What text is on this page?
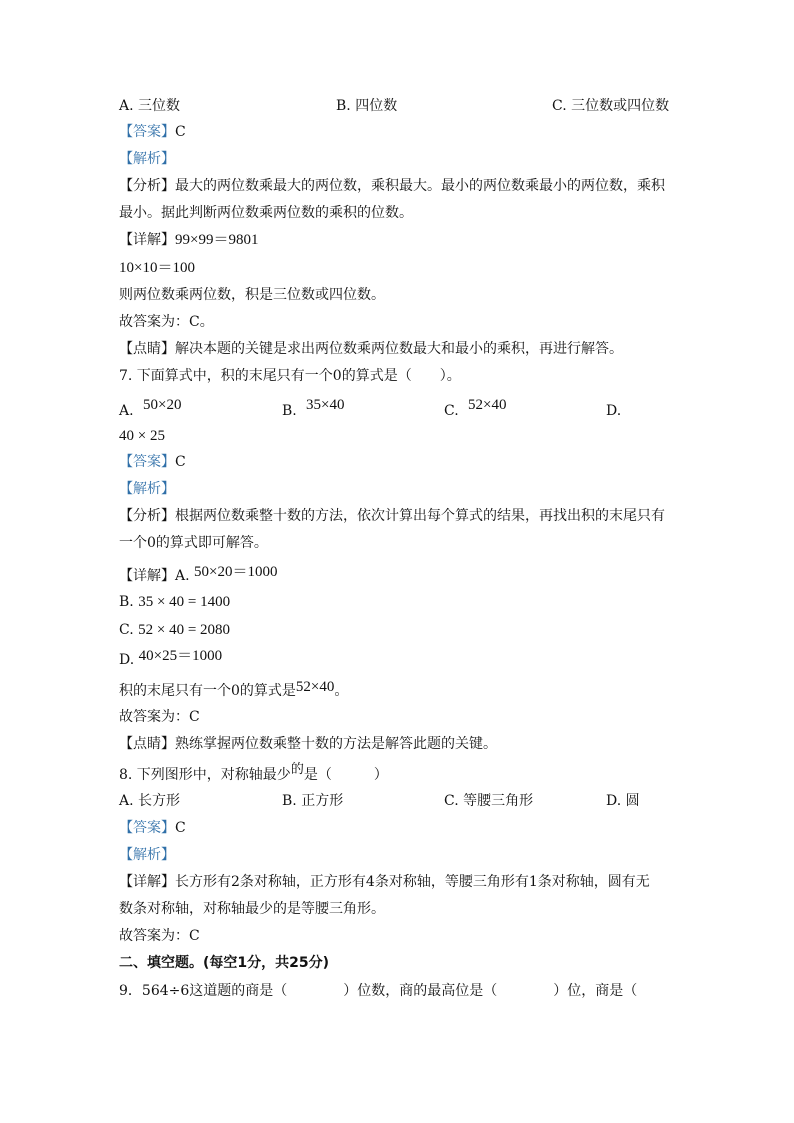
A. 三位数	B. 四位数	C. 三位数或四位数
【答案】C
【解析】
【分析】最大的两位数乘最大的两位数，乘积最大。最小的两位数乘最小的两位数，乘积
最小。据此判断两位数乘两位数的乘积的位数。
【详解】99×99＝9801
10×10＝100
则两位数乘两位数，积是三位数或四位数。
故答案为：C。
【点睛】解决本题的关键是求出两位数乘两位数最大和最小的乘积，再进行解答。
7. 下面算式中，积的末尾只有一个0的算式是（　　）。
A. 50×20	B. 35×40	C. 52×40	D.
40 × 25
【答案】C
【解析】
【分析】根据两位数乘整十数的方法，依次计算出每个算式的结果，再找出积的末尾只有
一个0的算式即可解答。
【详解】A. 50×20＝1000
B. 35 × 40 = 1400
C. 52 × 40 = 2080
D. 40×25＝1000
积的末尾只有一个0的算式是52×40。
故答案为：C
【点睛】熟练掌握两位数乘整十数的方法是解答此题的关键。
8. 下列图形中，对称轴最少的是（　　　）
A. 长方形	B. 正方形	C. 等腰三角形	D. 圆
【答案】C
【解析】
【详解】长方形有2条对称轴，正方形有4条对称轴，等腰三角形有1条对称轴，圆有无
数条对称轴，对称轴最少的是等腰三角形。
故答案为：C
二、填空题。(每空1分，共25分)
9．564÷6这道题的商是（　　　　）位数，商的最高位是（　　　　）位，商是（
